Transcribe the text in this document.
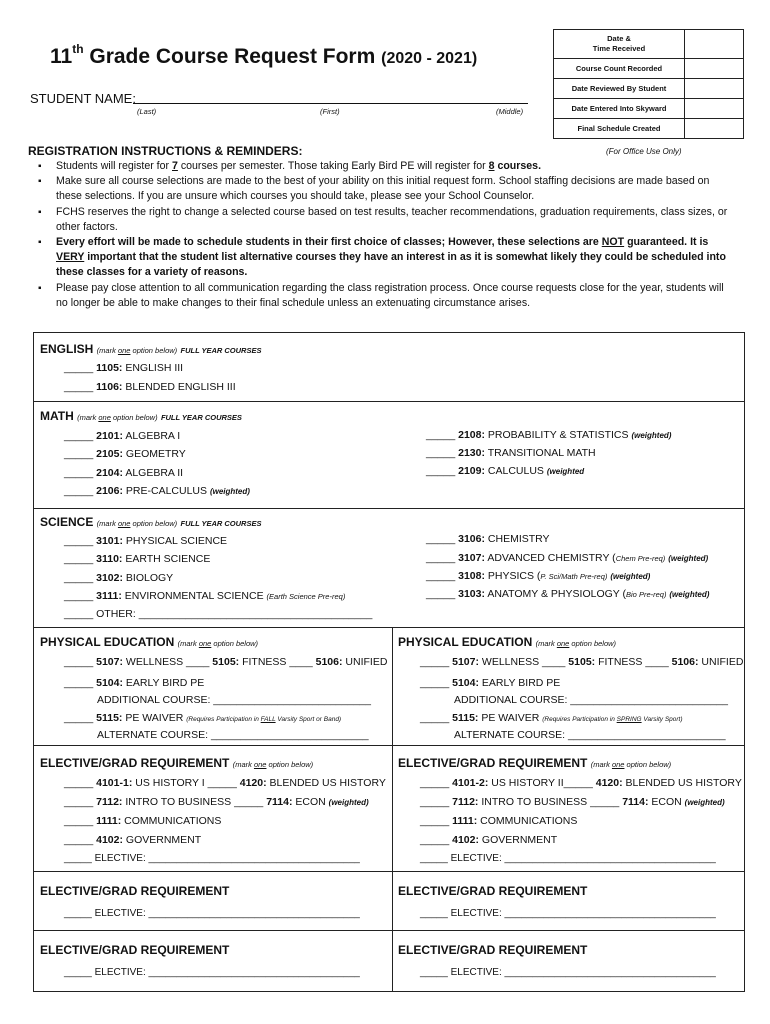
11th Grade Course Request Form (2020 - 2021)
STUDENT NAME:
(Last)	(First)	(Middle)
Date &
Time Received	
Course Count Recorded	
Date Reviewed By Student	
Date Entered Into Skyward	
Final Schedule Created	
(For Office Use Only)
REGISTRATION INSTRUCTIONS & REMINDERS:
▪ Students will register for 7 courses per semester. Those taking Early Bird PE will register for 8 courses.
▪ Make sure all course selections are made to the best of your ability on this initial request form. School staffing decisions are made based on these selections. If you are unsure which courses you should take, please see your School Counselor.
▪ FCHS reserves the right to change a selected course based on test results, teacher recommendations, graduation requirements, class sizes, or other factors.
▪ Every effort will be made to schedule students in their first choice of classes; However, these selections are NOT guaranteed. It is VERY important that the student list alternative courses they have an interest in as it is somewhat likely they could be scheduled into these classes for a variety of reasons.
▪ Please pay close attention to all communication regarding the class registration process. Once course requests close for the year, students will no longer be able to make changes to their final schedule unless an extenuating circumstance arises.
ENGLISH (mark one option below) FULL YEAR COURSES
_____ 1105: ENGLISH III
_____ 1106: BLENDED ENGLISH III
MATH (mark one option below) FULL YEAR COURSES
_____ 2101: ALGEBRA I
_____ 2105: GEOMETRY
_____ 2104: ALGEBRA II
_____ 2106: PRE-CALCULUS (weighted)
_____ 2108: PROBABILITY & STATISTICS (weighted)
_____ 2130: TRANSITIONAL MATH
_____ 2109: CALCULUS (weighted
SCIENCE (mark one option below) FULL YEAR COURSES
_____ 3101: PHYSICAL SCIENCE
_____ 3110: EARTH SCIENCE
_____ 3102: BIOLOGY
_____ 3111: ENVIRONMENTAL SCIENCE (Earth Science Pre-req)
_____ OTHER: ________________________________________
_____ 3106: CHEMISTRY
_____ 3107: ADVANCED CHEMISTRY (Chem Pre-req) (weighted)
_____ 3108: PHYSICS (P. Sci/Math Pre-req) (weighted)
_____ 3103: ANATOMY & PHYSIOLOGY (Bio Pre-req) (weighted)
PHYSICAL EDUCATION (mark one option below)
_____ 5107: WELLNESS ____ 5105: FITNESS ____ 5106: UNIFIED
_____ 5104: EARLY BIRD PE
ADDITIONAL COURSE: ___________________________
_____ 5115: PE WAIVER (Requires Participation in FALL Varsity Sport or Band)
ALTERNATE COURSE: ___________________________
PHYSICAL EDUCATION (mark one option below)
_____ 5107: WELLNESS ____ 5105: FITNESS ____ 5106: UNIFIED
_____ 5104: EARLY BIRD PE
ADDITIONAL COURSE: ___________________________
_____ 5115: PE WAIVER (Requires Participation in SPRING Varsity Sport)
ALTERNATE COURSE: ___________________________
ELECTIVE/GRAD REQUIREMENT (mark one option below)
_____ 4101-1: US HISTORY I _____ 4120: BLENDED US HISTORY
_____ 7112: INTRO TO BUSINESS _____ 7114: ECON (weighted)
_____ 1111: COMMUNICATIONS
_____ 4102: GOVERNMENT
_____ ELECTIVE: ______________________________________
ELECTIVE/GRAD REQUIREMENT (mark one option below)
_____ 4101-2: US HISTORY II_____ 4120: BLENDED US HISTORY
_____ 7112: INTRO TO BUSINESS _____ 7114: ECON (weighted)
_____ 1111: COMMUNICATIONS
_____ 4102: GOVERNMENT
_____ ELECTIVE: ______________________________________
ELECTIVE/GRAD REQUIREMENT
_____ ELECTIVE: ______________________________________
ELECTIVE/GRAD REQUIREMENT
_____ ELECTIVE: ______________________________________
ELECTIVE/GRAD REQUIREMENT
_____ ELECTIVE: ______________________________________
ELECTIVE/GRAD REQUIREMENT
_____ ELECTIVE: ______________________________________
